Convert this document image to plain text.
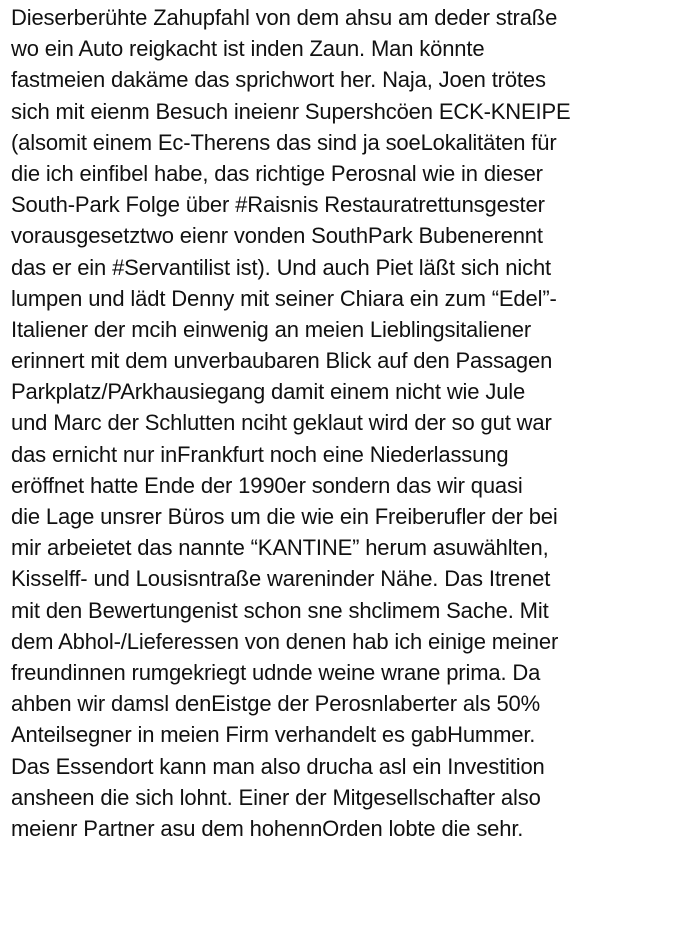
Dieserberühte Zahupfahl von dem ahsu am deder straße
wo ein Auto reigkacht ist inden Zaun. Man könnte
fastmeien dakäme das sprichwort her. Naja, Joen trötes
sich mit eienm Besuch ineienr Supershcöen ECK-KNEIPE
(alsomit einem Ec-Therens das sind ja soeLokalitäten für
die ich einfibel habe, das richtige Perosnal wie in dieser
South-Park Folge über #Raisnis Restauratrettunsgester
vorausgesetztwo eienr vonden SouthPark Bubenerennt
das er ein #Servantilist ist). Und auch Piet läßt sich nicht
lumpen und lädt Denny mit seiner Chiara ein zum “Edel”-
Italiener der mcih einwenig an meien Lieblingsitaliener
erinnert mit dem unverbaubaren Blick auf den Passagen
Parkplatz/PArkhausiegang damit einem nicht wie Jule
und Marc der Schlutten nciht geklaut wird der so gut war
das ernicht nur inFrankfurt noch eine Niederlassung
eröffnet hatte Ende der 1990er sondern das wir quasi
die Lage unsrer Büros um die wie ein Freiberufler der bei
mir arbeietet das nannte “KANTINE” herum asuwählten,
Kisselff- und Lousisntraße wareninder Nähe. Das Itrenet
mit den Bewertungenist schon sne shclimem Sache. Mit
dem Abhol-/Lieferessen von denen hab ich einige meiner
freundinnen rumgekriegt udnde weine wrane prima. Da
ahben wir damsl denEistge der Perosnlaberter als 50%
Anteilsegner in meien Firm verhandelt es gabHummer.
Das Essendort kann man also drucha asl ein Investition
ansheen die sich lohnt. Einer der Mitgesellschafter also
meienr Partner asu dem hohennOrden lobte die sehr.
